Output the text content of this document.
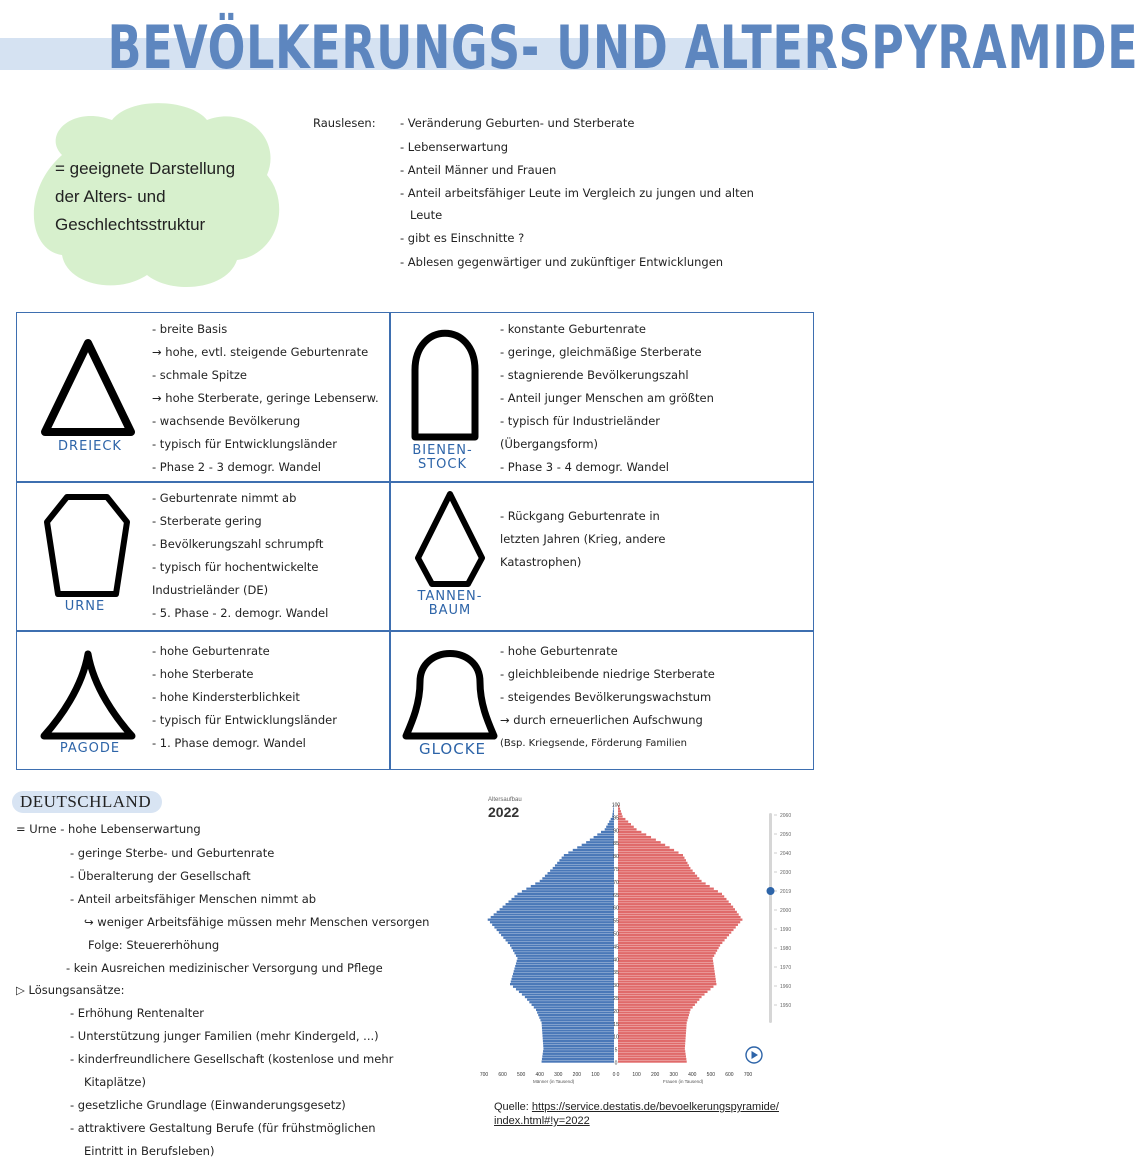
BEVÖLKERUNGS- UND ALTERSPYRAMIDE
= geeignete Darstellung
der Alters- und
Geschlechtsstruktur
Rauslesen: - Veränderung Geburten- und Sterberate
- Lebenserwartung
- Anteil Männer und Frauen
- Anteil arbeitsfähiger Leute im Vergleich zu jungen und alten
Leute
- gibt es Einschnitte ?
- Ablesen gegenwärtiger und zukünftiger Entwicklungen
DREIECK
- breite Basis
→ hohe, evtl. steigende Geburtenrate
- schmale Spitze
→ hohe Sterberate, geringe Lebenserw.
- wachsende Bevölkerung
- typisch für Entwicklungsländer
- Phase 2 - 3 demogr. Wandel
BIENEN- STOCK
- konstante Geburtenrate
- geringe, gleichmäßige Sterberate
- stagnierende Bevölkerungszahl
- Anteil junger Menschen am größten
- typisch für Industrieländer
(Übergangsform)
- Phase 3 - 4 demogr. Wandel
URNE
- Geburtenrate nimmt ab
- Sterberate gering
- Bevölkerungszahl schrumpft
- typisch für hochentwickelte
Industrieländer (DE)
- 5. Phase - 2. demogr. Wandel
TANNEN- BAUM
- Rückgang Geburtenrate in
letzten Jahren (Krieg, andere
Katastrophen)
PAGODE
- hohe Geburtenrate
- hohe Sterberate
- hohe Kindersterblichkeit
- typisch für Entwicklungsländer
- 1. Phase demogr. Wandel	GLOCKE
- hohe Geburtenrate
- gleichbleibende niedrige Sterberate
- steigendes Bevölkerungswachstum
→ durch erneuerlichen Aufschwung
(Bsp. Kriegsende, Förderung Familien
DEUTSCHLAND
= Urne - hohe Lebenserwartung
- geringe Sterbe- und Geburtenrate
- Überalterung der Gesellschaft
- Anteil arbeitsfähiger Menschen nimmt ab
↪ weniger Arbeitsfähige müssen mehr Menschen versorgen
Folge: Steuererhöhung
- kein Ausreichen medizinischer Versorgung und Pflege
▷ Lösungsansätze:
- Erhöhung Rentenalter
- Unterstützung junger Familien (mehr Kindergeld, ...)
- kinderfreundlichere Gesellschaft (kostenlose und mehr
Kitaplätze)
- gesetzliche Grundlage (Einwanderungsgesetz)
- attraktivere Gestaltung Berufe (für frühstmöglichen
Eintritt in Berufsleben)
Altersaufbau
2022
0
5
10
15
20
25
30
35
40
45
50
55
60
65
70
75
80
85
90
95
100
700 600 500 400 300 200 100	0 0	100 200 300 400 500 600 700
Männer (in Tausend)	Frauen (in Tausend)
2060
2050
2040
2030
2019
2000
1990
1980
1970
1960
1950
Quelle: https://service.destatis.de/bevoelkerungspyramide/
index.html#!y=2022
